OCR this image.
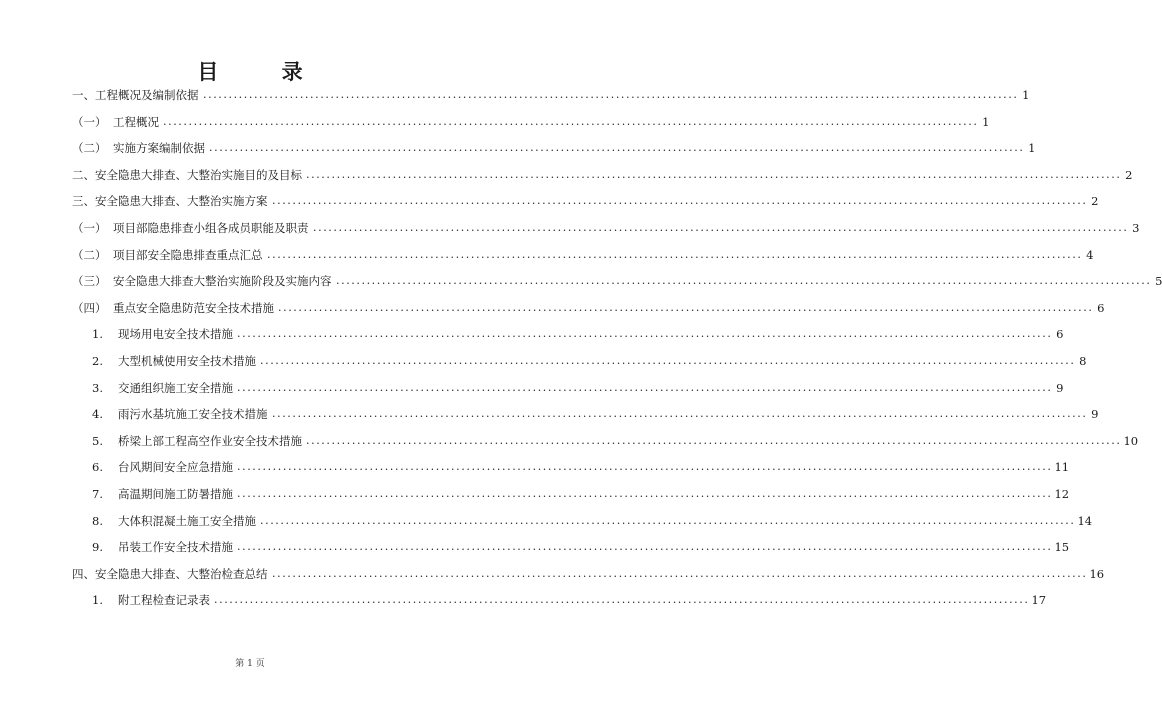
目 录
一、工程概况及编制依据 ................................................................................................................................................................ 1
（一） 工程概况 ................................................................................................................................................................ 1
（二） 实施方案编制依据 ................................................................................................................................................................ 1
二、安全隐患大排查、大整治实施目的及目标 ................................................................................................................................................................ 2
三、安全隐患大排查、大整治实施方案 ................................................................................................................................................................ 2
（一） 项目部隐患排查小组各成员职能及职责 ................................................................................................................................................................ 3
（二） 项目部安全隐患排查重点汇总 ................................................................................................................................................................ 4
（三） 安全隐患大排查大整治实施阶段及实施内容 ................................................................................................................................................................ 5
（四） 重点安全隐患防范安全技术措施 ................................................................................................................................................................ 6
1. 现场用电安全技术措施 ................................................................................................................................................................ 6
2. 大型机械使用安全技术措施 ................................................................................................................................................................ 8
3. 交通组织施工安全措施 ................................................................................................................................................................ 9
4. 雨污水基坑施工安全技术措施 ................................................................................................................................................................ 9
5. 桥梁上部工程高空作业安全技术措施 ................................................................................................................................................................ 10
6. 台风期间安全应急措施 ................................................................................................................................................................ 11
7. 高温期间施工防暑措施 ................................................................................................................................................................ 12
8. 大体积混凝土施工安全措施 ................................................................................................................................................................ 14
9. 吊装工作安全技术措施 ................................................................................................................................................................ 15
四、安全隐患大排查、大整治检查总结 ................................................................................................................................................................ 16
1. 附工程检查记录表 ................................................................................................................................................................ 17
第 1 页
